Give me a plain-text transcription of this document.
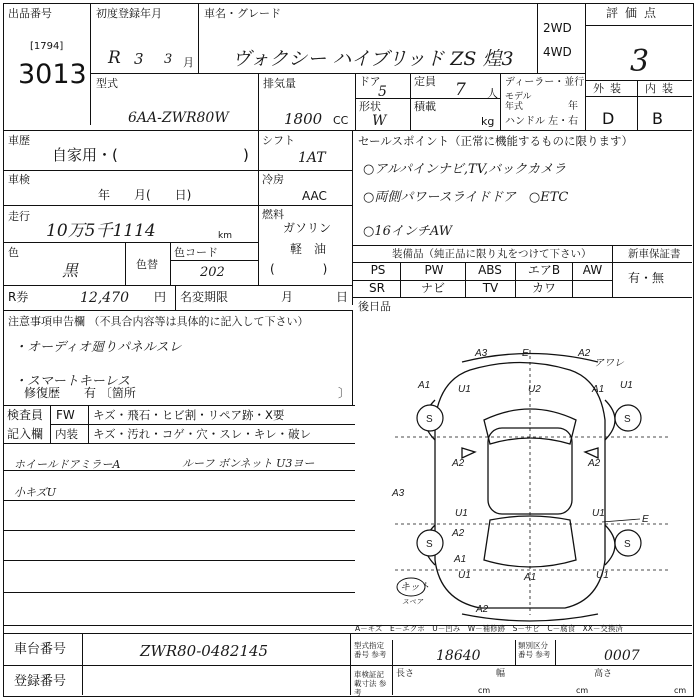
出品番号
[1794]
3013
初度登録年月
R 3 3 月
車名・グレード
ヴォクシー ハイブリッド ZS 煌3
2WD
4WD
評価点
3
型式
6AA-ZWR80W
排気量
1800 CC
ドア
5
定員 7 人
形状
W
積載
kg
ディーラー・並行
モデル年式	年
ハンドル 左・右
外装 内装
D B
車歴
自家用・(	)
シフト
1AT
車検
年　　月(　　日)
冷房
AAC
走行
10万5千1114	km
燃料
ガソリン
軽　油
(　　　　)
色
黒	色替
色コード
202
R券	12,470 円 名変期限	月	日
セールスポイント（正常に機能するものに限ります）
○アルパインナビ,TV,バックカメラ
○両側パワースライドドア　○ETC
○16インチAW
装備品（純正品に限り丸をつけて下さい）	新車保証書
PS	PW	ABS	エアB	AW
SR	ナビ	TV	カワ
有・無
後日品
注意事項申告欄 （不具合内容等は具体的に記入して下さい）
・オーディオ廻りパネルスレ
・スマートキーレス
修復歴　　有 〔箇所	〕
検査員
記入欄
FW キズ・飛石・ヒビ割・リペア跡・X要
内装 キズ・汚れ・コゲ・穴・スレ・キレ・破レ
ホイールドアミラーA	ルーフ ボンネット U3ヨー
小キズU
A3	E	A2
アワレ
A1	U1	U2	A1 U1
S	S
A2	A2
A3
U1	U1
A2
E
A1
S	S
U1	A1	U1
A2
キット
スペア
A－キズ　E－エクボ　U－凹み　W－補修跡　S－サビ　C－腐食　XX－交換済
車台番号	ZWR80-0482145
登録番号
型式指定番号 参考	18640
類別区分番号 参考	0007
車検証記載寸法 参考
長さ	幅	高さ
cm	cm	cm
